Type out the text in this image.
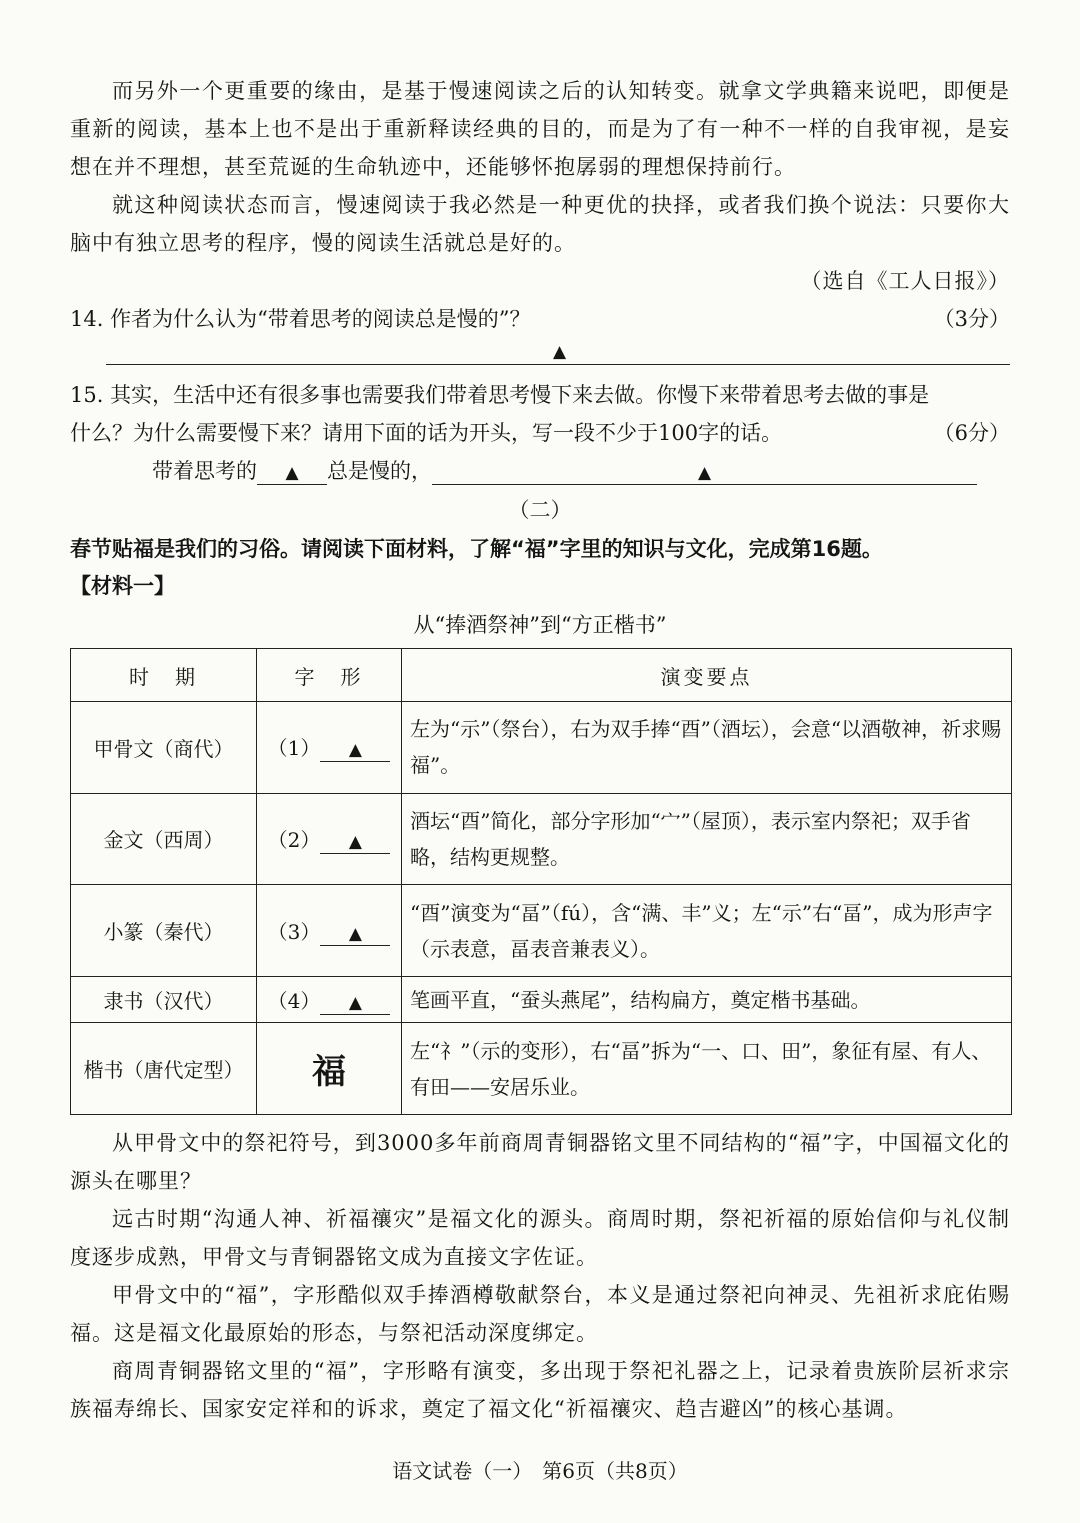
而另外一个更重要的缘由，是基于慢速阅读之后的认知转变。就拿文学典籍来说吧，即便是重新的阅读，基本上也不是出于重新释读经典的目的，而是为了有一种不一样的自我审视，是妄想在并不理想，甚至荒诞的生命轨迹中，还能够怀抱孱弱的理想保持前行。

就这种阅读状态而言，慢速阅读于我必然是一种更优的抉择，或者我们换个说法：只要你大脑中有独立思考的程序，慢的阅读生活就总是好的。

（选自《工人日报》）

14. 作者为什么认为“带着思考的阅读总是慢的”？	（3分）
▲
15. 其实，生活中还有很多事也需要我们带着思考慢下来去做。你慢下来带着思考去做的事是什么？为什么需要慢下来？请用下面的话为开头，写一段不少于100字的话。	（6分）
带着思考的 ▲ 总是慢的，	▲
（二）
春节贴福是我们的习俗。请阅读下面材料，了解“福”字里的知识与文化，完成第16题。
【材料一】
从“捧酒祭神”到“方正楷书”
时　期	字　形	演变要点
甲骨文（商代）	（1） ▲	左为“示”（祭台），右为双手捧“酉”（酒坛），会意“以酒敬神，祈求赐福”。
金文（西周）	（2） ▲	酒坛“酉”简化，部分字形加“宀”（屋顶），表示室内祭祀；双手省略，结构更规整。
小篆（秦代）	（3） ▲	“酉”演变为“畐”（fú），含“满、丰”义；左“示”右“畐”，成为形声字（示表意，畐表音兼表义）。
隶书（汉代）	（4） ▲	笔画平直，“蚕头燕尾”，结构扁方，奠定楷书基础。
楷书（唐代定型）	福	左“礻”（示的变形），右“畐”拆为“一、口、田”，象征有屋、有人、有田——安居乐业。

从甲骨文中的祭祀符号，到3000多年前商周青铜器铭文里不同结构的“福”字，中国福文化的源头在哪里？

远古时期“沟通人神、祈福禳灾”是福文化的源头。商周时期，祭祀祈福的原始信仰与礼仪制度逐步成熟，甲骨文与青铜器铭文成为直接文字佐证。

甲骨文中的“福”，字形酷似双手捧酒樽敬献祭台，本义是通过祭祀向神灵、先祖祈求庇佑赐福。这是福文化最原始的形态，与祭祀活动深度绑定。

商周青铜器铭文里的“福”，字形略有演变，多出现于祭祀礼器之上，记录着贵族阶层祈求宗族福寿绵长、国家安定祥和的诉求，奠定了福文化“祈福禳灾、趋吉避凶”的核心基调。

语文试卷（一）　第6页（共8页）
